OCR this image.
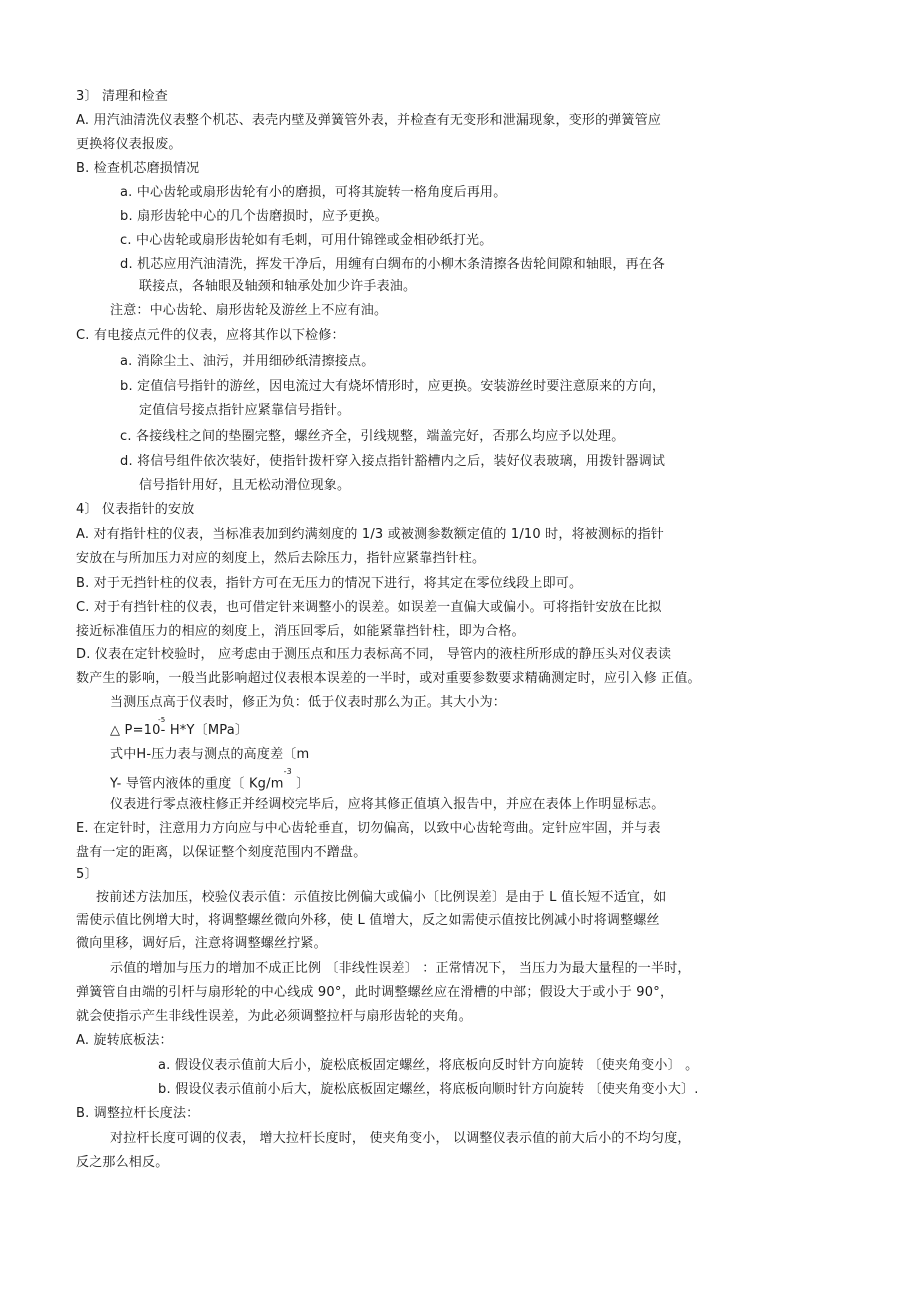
3〕 清理和检查
A. 用汽油清洗仪表整个机芯、表壳内壁及弹簧管外表，并检查有无变形和泄漏现象，变形的弹簧管应
更换将仪表报废。
B. 检查机芯磨损情况
a. 中心齿轮或扇形齿轮有小的磨损，可将其旋转一格角度后再用。
b. 扇形齿轮中心的几个齿磨损时，应予更换。
c. 中心齿轮或扇形齿轮如有毛刺，可用什锦锉或金相砂纸打光。
d. 机芯应用汽油清洗，挥发干净后，用缠有白绸布的小柳木条清擦各齿轮间隙和轴眼，再在各
联接点，各轴眼及轴颈和轴承处加少许手表油。
注意：中心齿轮、扇形齿轮及游丝上不应有油。
C. 有电接点元件的仪表，应将其作以下检修：
a. 消除尘土、油污，并用细砂纸清擦接点。
b. 定值信号指针的游丝，因电流过大有烧坏情形时，应更换。安装游丝时要注意原来的方向，
定值信号接点指针应紧靠信号指针。
c. 各接线柱之间的垫圈完整，螺丝齐全，引线规整，端盖完好，否那么均应予以处理。
d. 将信号组件依次装好，使指针拨杆穿入接点指针豁槽内之后，装好仪表玻璃，用拨针器调试
信号指针用好，且无松动滑位现象。
4〕 仪表指针的安放
A. 对有指针柱的仪表，当标准表加到约满刻度的 1/3 或被测参数额定值的 1/10 时，将被测标的指针
安放在与所加压力对应的刻度上，然后去除压力，指针应紧靠挡针柱。
B. 对于无挡针柱的仪表，指针方可在无压力的情况下进行，将其定在零位线段上即可。
C. 对于有挡针柱的仪表，也可借定针来调整小的误差。如误差一直偏大或偏小。可将指针安放在比拟
接近标准值压力的相应的刻度上，消压回零后，如能紧靠挡针柱，即为合格。
D. 仪表在定针校验时， 应考虑由于测压点和压力表标高不同， 导管内的液柱所形成的静压头对仪表读
数产生的影响，一般当此影响超过仪表根本误差的一半时，或对重要参数要求精确测定时，应引入修 正值。
当测压点高于仪表时，修正为负：低于仪表时那么为正。其大小为：
-5
△ P=10- H*Y〔MPa〕
式中H-压力表与测点的高度差〔m
Y- 导管内液体的重度〔 $Kg/m^{-3}$ 〕
仪表进行零点液柱修正并经调校完毕后，应将其修正值填入报告中，并应在表体上作明显标志。
E. 在定针时，注意用力方向应与中心齿轮垂直，切勿偏高，以致中心齿轮弯曲。定针应牢固，并与表
盘有一定的距离，以保证整个刻度范围内不蹭盘。
5〕
按前述方法加压，校验仪表示值：示值按比例偏大或偏小〔比例误差〕是由于 L 值长短不适宜，如
需使示值比例增大时，将调整螺丝微向外移，使 L 值增大，反之如需使示值按比例减小时将调整螺丝
微向里移，调好后，注意将调整螺丝拧紧。
示值的增加与压力的增加不成正比例 〔非线性误差〕 ：正常情况下， 当压力为最大量程的一半时，
弹簧管自由端的引杆与扇形轮的中心线成 90°，此时调整螺丝应在滑槽的中部；假设大于或小于 90°，
就会使指示产生非线性误差，为此必须调整拉杆与扇形齿轮的夹角。
A. 旋转底板法：
a. 假设仪表示值前大后小，旋松底板固定螺丝，将底板向反时针方向旋转 〔使夹角变小〕 。
b. 假设仪表示值前小后大，旋松底板固定螺丝，将底板向顺时针方向旋转 〔使夹角变小大〕.
B. 调整拉杆长度法：
对拉杆长度可调的仪表， 增大拉杆长度时， 使夹角变小， 以调整仪表示值的前大后小的不均匀度，
反之那么相反。
